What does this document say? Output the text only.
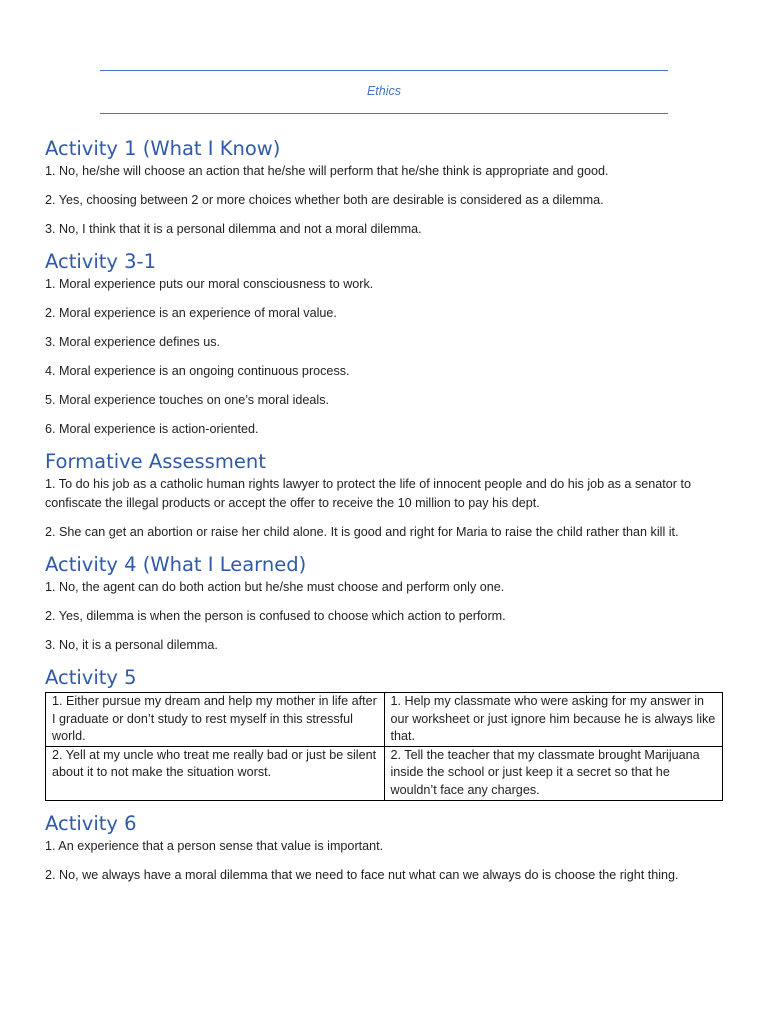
Ethics
Activity 1 (What I Know)

1. No, he/she will choose an action that he/she will perform that he/she think is appropriate and good.

2. Yes, choosing between 2 or more choices whether both are desirable is considered as a dilemma.

3. No, I think that it is a personal dilemma and not a moral dilemma.

Activity 3-1

1. Moral experience puts our moral consciousness to work.

2. Moral experience is an experience of moral value.

3. Moral experience defines us.

4. Moral experience is an ongoing continuous process.

5. Moral experience touches on one’s moral ideals.

6. Moral experience is action-oriented.

Formative Assessment

1. To do his job as a catholic human rights lawyer to protect the life of innocent people and do his job as a senator to confiscate the illegal products or accept the offer to receive the 10 million to pay his dept.

2. She can get an abortion or raise her child alone. It is good and right for Maria to raise the child rather than kill it.

Activity 4 (What I Learned)

1. No, the agent can do both action but he/she must choose and perform only one.

2. Yes, dilemma is when the person is confused to choose which action to perform.

3. No, it is a personal dilemma.

Activity 5
1. Either pursue my dream and help my mother in life after I graduate or don’t study to rest myself in this stressful world.	1. Help my classmate who were asking for my answer in our worksheet or just ignore him because he is always like that.
2. Yell at my uncle who treat me really bad or just be silent about it to not make the situation worst.	2. Tell the teacher that my classmate brought Marijuana inside the school or just keep it a secret so that he wouldn’t face any charges.
Activity 6

1. An experience that a person sense that value is important.

2. No, we always have a moral dilemma that we need to face nut what can we always do is choose the right thing.
